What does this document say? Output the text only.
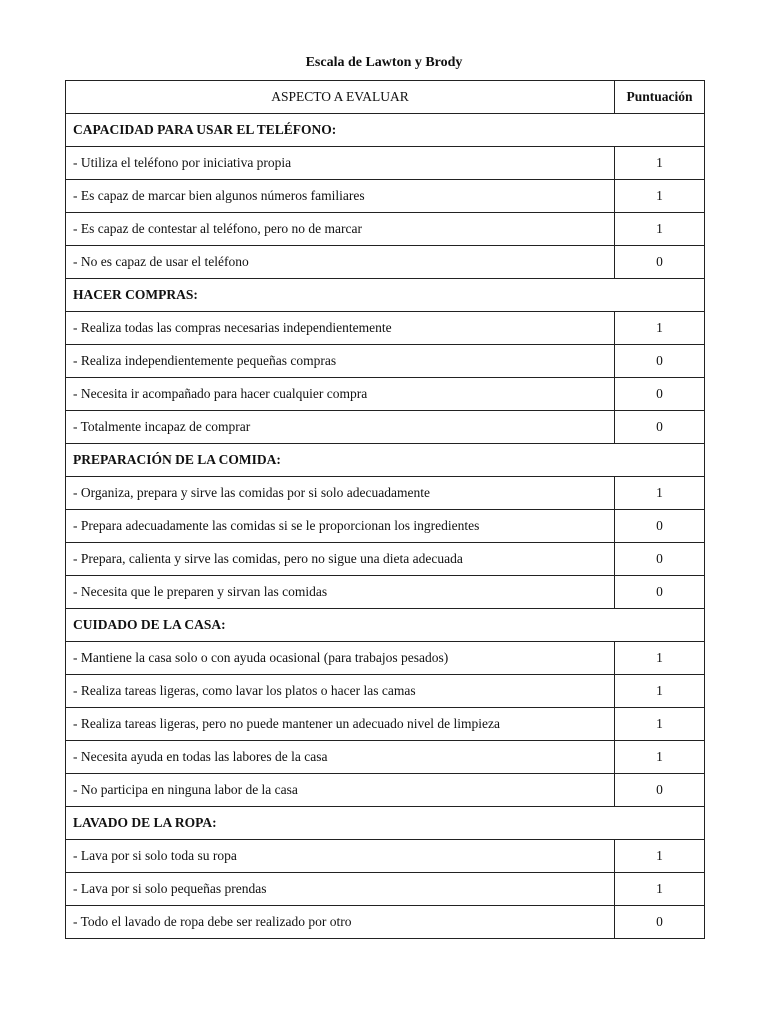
Escala de Lawton y Brody
ASPECTO A EVALUAR	Puntuación
CAPACIDAD PARA USAR EL TELÉFONO:	
- Utiliza el teléfono por iniciativa propia	1
- Es capaz de marcar bien algunos números familiares	1
- Es capaz de contestar al teléfono, pero no de marcar	1
- No es capaz de usar el teléfono	0
HACER COMPRAS:	
- Realiza todas las compras necesarias independientemente	1
- Realiza independientemente pequeñas compras	0
- Necesita ir acompañado para hacer cualquier compra	0
- Totalmente incapaz de comprar	0
PREPARACIÓN DE LA COMIDA:	
- Organiza, prepara y sirve las comidas por si solo adecuadamente	1
- Prepara adecuadamente las comidas si se le proporcionan los ingredientes	0
- Prepara, calienta y sirve las comidas, pero no sigue una dieta adecuada	0
- Necesita que le preparen y sirvan las comidas	0
CUIDADO DE LA CASA:	
- Mantiene la casa solo o con ayuda ocasional (para trabajos pesados)	1
- Realiza tareas ligeras, como lavar los platos o hacer las camas	1
- Realiza tareas ligeras, pero no puede mantener un adecuado nivel de limpieza	1
- Necesita ayuda en todas las labores de la casa	1
- No participa en ninguna labor de la casa	0
LAVADO DE LA ROPA:	
- Lava por si solo toda su ropa	1
- Lava por si solo pequeñas prendas	1
- Todo el lavado de ropa debe ser realizado por otro	0
